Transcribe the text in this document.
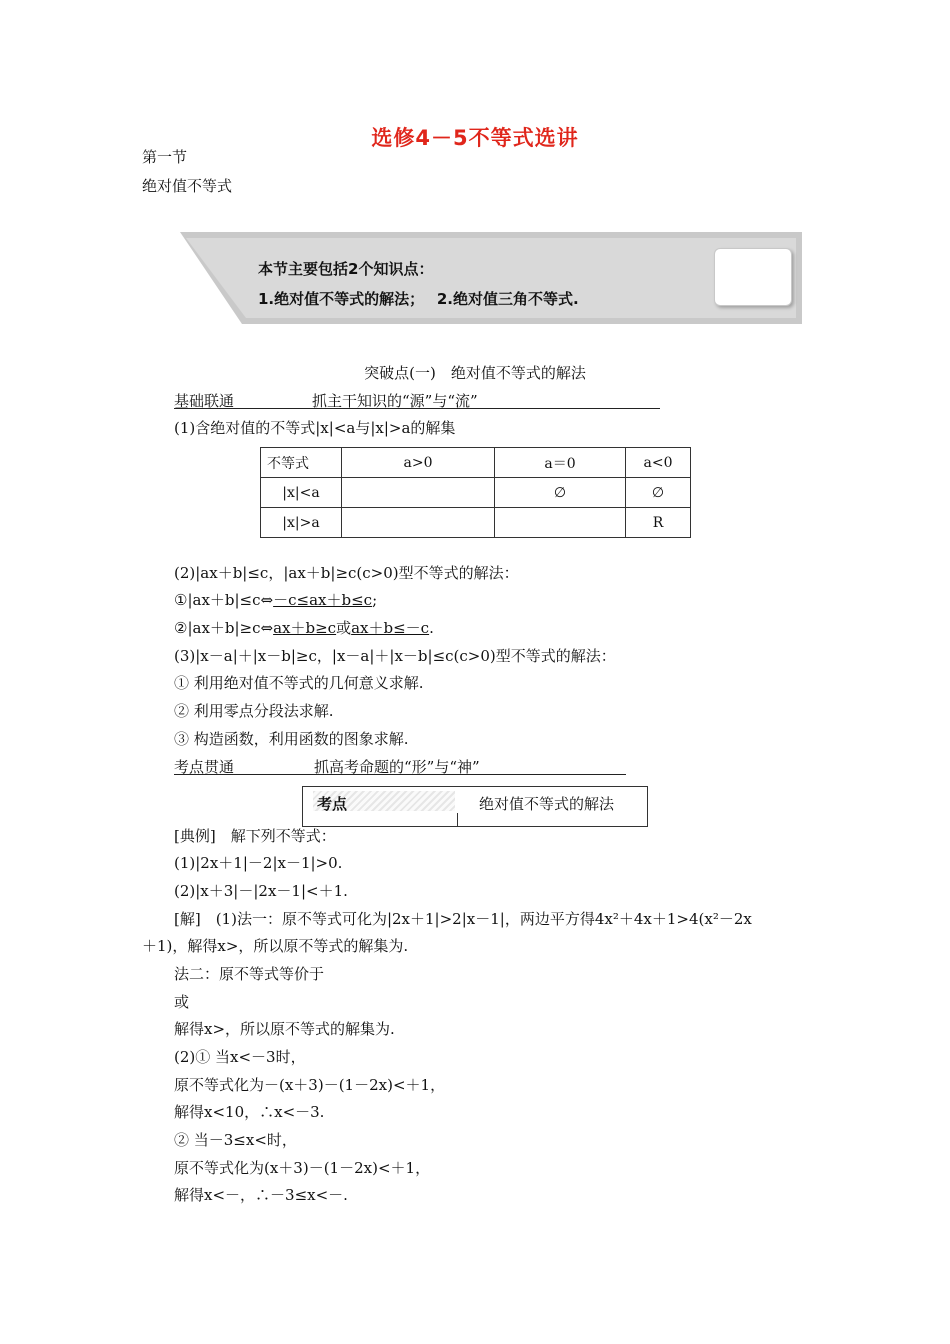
选修4－5不等式选讲
第一节
绝对值不等式
本节主要包括2个知识点：
1.绝对值不等式的解法；　 2.绝对值三角不等式.
突破点(一)　绝对值不等式的解法
基础联通	抓主干知识的“源”与“流”
(1)含绝对值的不等式|x|<a与|x|>a的解集
不等式	a>0	a＝0	a<0
|x|<a		∅	∅
|x|>a			R
(2)|ax＋b|≤c，|ax＋b|≥c(c>0)型不等式的解法：
①|ax＋b|≤c⇔－c≤ax＋b≤c;
②|ax＋b|≥c⇔ax＋b≥c或ax＋b≤－c.
(3)|x－a|＋|x－b|≥c，|x－a|＋|x－b|≤c(c>0)型不等式的解法：
① 利用绝对值不等式的几何意义求解.
② 利用零点分段法求解.
③ 构造函数，利用函数的图象求解.
考点贯通	抓高考命题的“形”与“神”
考点	绝对值不等式的解法
[典例]　解下列不等式：
(1)|2x＋1|－2|x－1|>0.
(2)|x＋3|－|2x－1|<＋1.
[解]　(1)法一：原不等式可化为|2x＋1|>2|x－1|，两边平方得4x²＋4x＋1>4(x²－2x
＋1)，解得x>，所以原不等式的解集为.
法二：原不等式等价于
或
解得x>，所以原不等式的解集为.
(2)① 当x<－3时，
原不等式化为－(x＋3)－(1－2x)<＋1，
解得x<10，∴x<－3.
② 当－3≤x<时，
原不等式化为(x＋3)－(1－2x)<＋1，
解得x<－，∴－3≤x<－.
